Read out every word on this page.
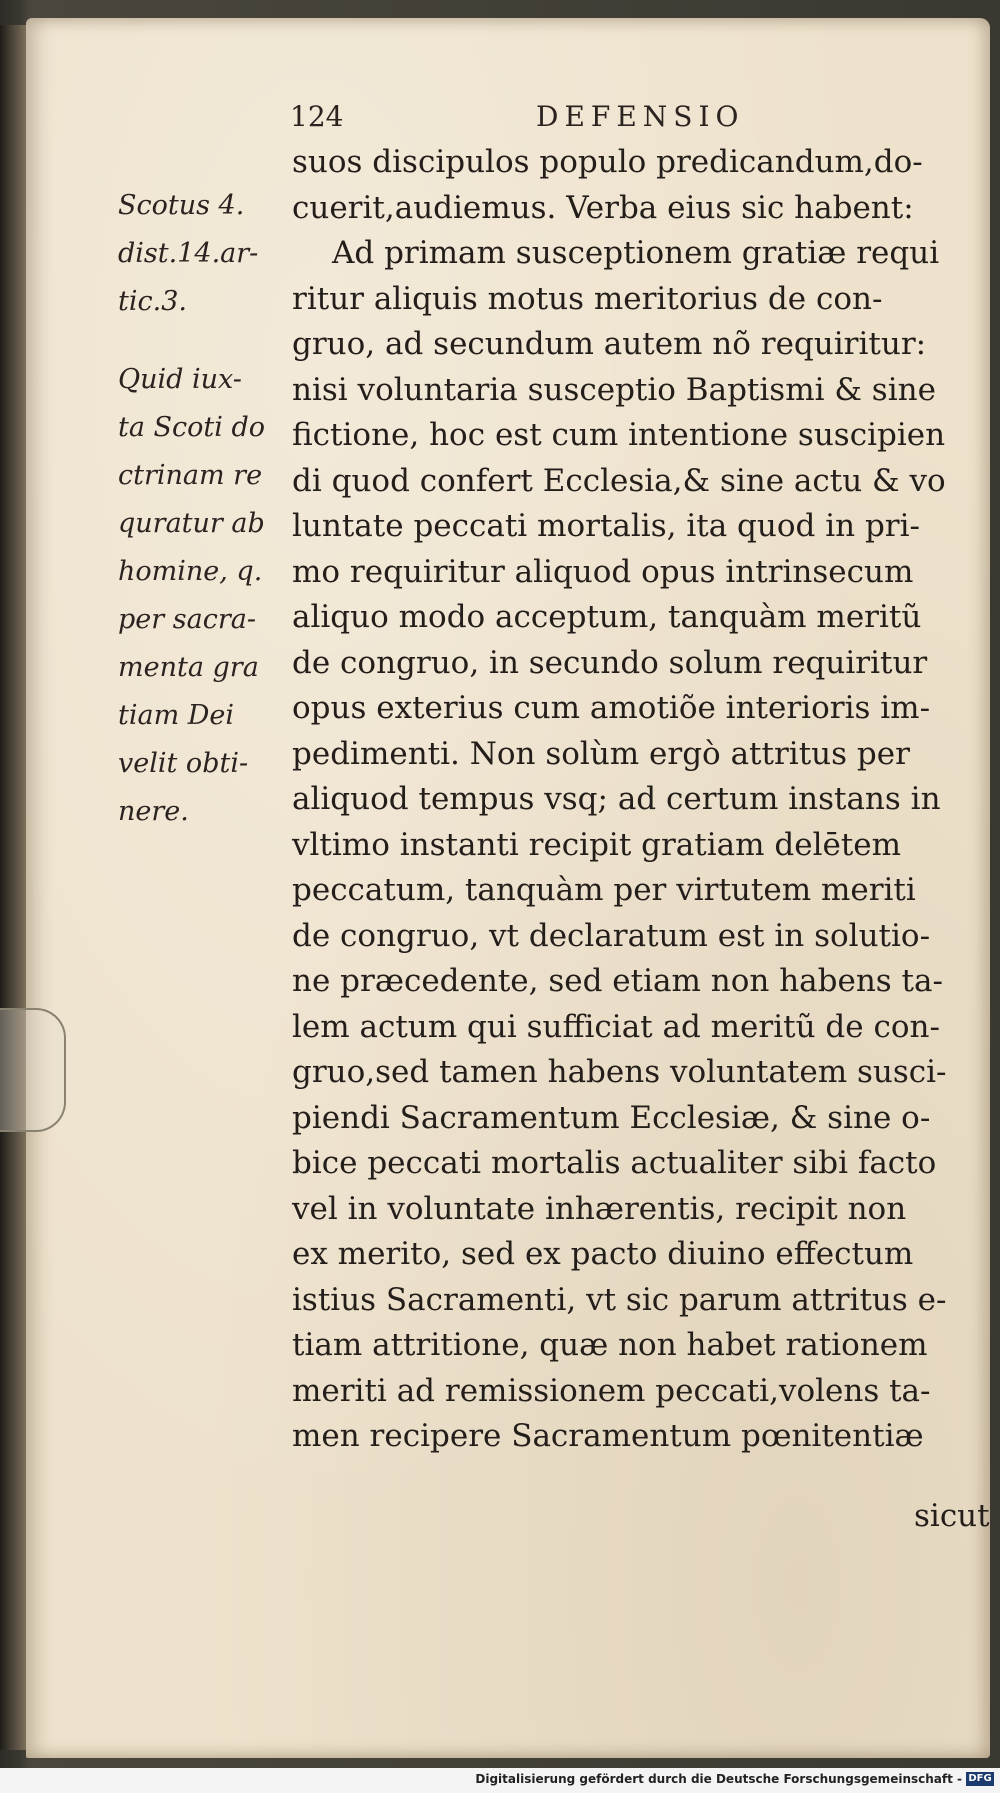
124	DEFENSIO
Scotus 4.
dist.14.ar-
tic.3.
Quid iux-
ta Scoti do
ctrinam re
quratur ab
homine, q.
per sacra-
menta gra
tiam Dei
velit obti-
nere.
suos discipulos populo predicandum,do-
cuerit,audiemus. Verba eius sic habent:
Ad primam susceptionem gratiæ requi
ritur aliquis motus meritorius de con-
gruo, ad secundum autem nõ requiritur:
nisi voluntaria susceptio Baptismi & sine
fictione, hoc est cum intentione suscipien
di quod confert Ecclesia,& sine actu & vo
luntate peccati mortalis, ita quod in pri-
mo requiritur aliquod opus intrinsecum
aliquo modo acceptum, tanquàm meritũ
de congruo, in secundo solum requiritur
opus exterius cum amotiõe interioris im-
pedimenti. Non solùm ergò attritus per
aliquod tempus vsq; ad certum instans in
vltimo instanti recipit gratiam delētem
peccatum, tanquàm per virtutem meriti
de congruo, vt declaratum est in solutio-
ne præcedente, sed etiam non habens ta-
lem actum qui sufficiat ad meritũ de con-
gruo,sed tamen habens voluntatem susci-
piendi Sacramentum Ecclesiæ, & sine o-
bice peccati mortalis actualiter sibi facto
vel in voluntate inhærentis, recipit non
ex merito, sed ex pacto diuino effectum
istius Sacramenti, vt sic parum attritus e-
tiam attritione, quæ non habet rationem
meriti ad remissionem peccati,volens ta-
men recipere Sacramentum pœnitentiæ
sicut
Digitalisierung gefördert durch die Deutsche Forschungsgemeinschaft - DFG
